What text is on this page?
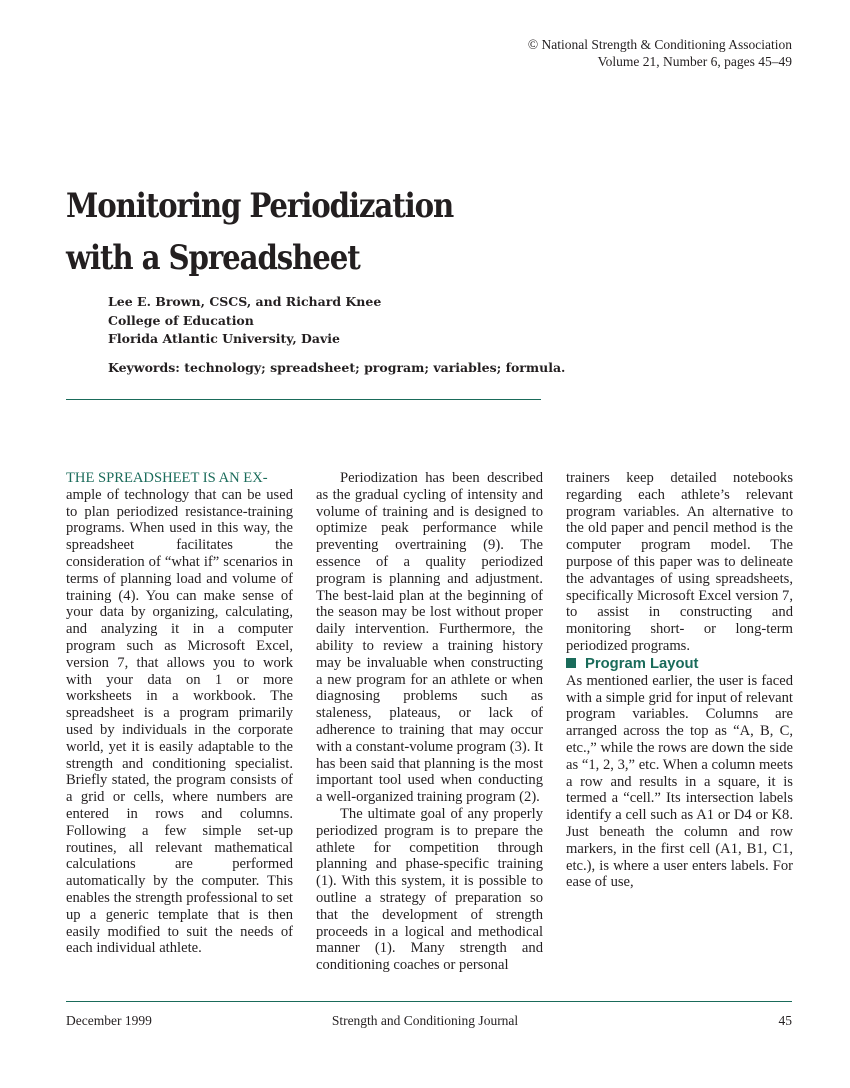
© National Strength & Conditioning Association
Volume 21, Number 6, pages 45–49
Monitoring Periodization
with a Spreadsheet
Lee E. Brown, CSCS, and Richard Knee
College of Education
Florida Atlantic University, Davie
Keywords: technology; spreadsheet; program; variables; formula.

THE SPREADSHEET IS AN EX-
ample of technology that can be used to plan periodized resistance-training programs. When used in this way, the spreadsheet facilitates the consideration of “what if” scenarios in terms of planning load and volume of training (4). You can make sense of your data by organizing, calculating, and analyzing it in a computer program such as Microsoft Excel, version 7, that allows you to work with your data on 1 or more worksheets in a workbook. The spreadsheet is a program primarily used by individuals in the corporate world, yet it is easily adaptable to the strength and conditioning specialist. Briefly stated, the program consists of a grid or cells, where numbers are entered in rows and columns. Following a few simple set-up routines, all relevant mathematical calculations are performed automatically by the computer. This enables the strength professional to set up a generic template that is then easily modified to suit the needs of each individual athlete.

Periodization has been described as the gradual cycling of intensity and volume of training and is designed to optimize peak performance while preventing overtraining (9). The essence of a quality periodized program is planning and adjustment. The best-laid plan at the beginning of the season may be lost without proper daily intervention. Furthermore, the ability to review a training history may be invaluable when constructing a new program for an athlete or when diagnosing problems such as staleness, plateaus, or lack of adherence to training that may occur with a constant-volume program (3). It has been said that planning is the most important tool used when conducting a well-organized training program (2).

The ultimate goal of any properly periodized program is to prepare the athlete for competition through planning and phase-specific training (1). With this system, it is possible to outline a strategy of preparation so that the development of strength proceeds in a logical and methodical manner (1). Many strength and conditioning coaches or personal

trainers keep detailed notebooks regarding each athlete’s relevant program variables. An alternative to the old paper and pencil method is the computer program model. The purpose of this paper was to delineate the advantages of using spreadsheets, specifically Microsoft Excel version 7, to assist in constructing and monitoring short- or long-term periodized programs.

Program Layout

As mentioned earlier, the user is faced with a simple grid for input of relevant program variables. Columns are arranged across the top as “A, B, C, etc.,” while the rows are down the side as “1, 2, 3,” etc. When a column meets a row and results in a square, it is termed a “cell.” Its intersection labels identify a cell such as A1 or D4 or K8. Just beneath the column and row markers, in the first cell (A1, B1, C1, etc.), is where a user enters labels. For ease of use,

December 1999	Strength and Conditioning Journal	45
